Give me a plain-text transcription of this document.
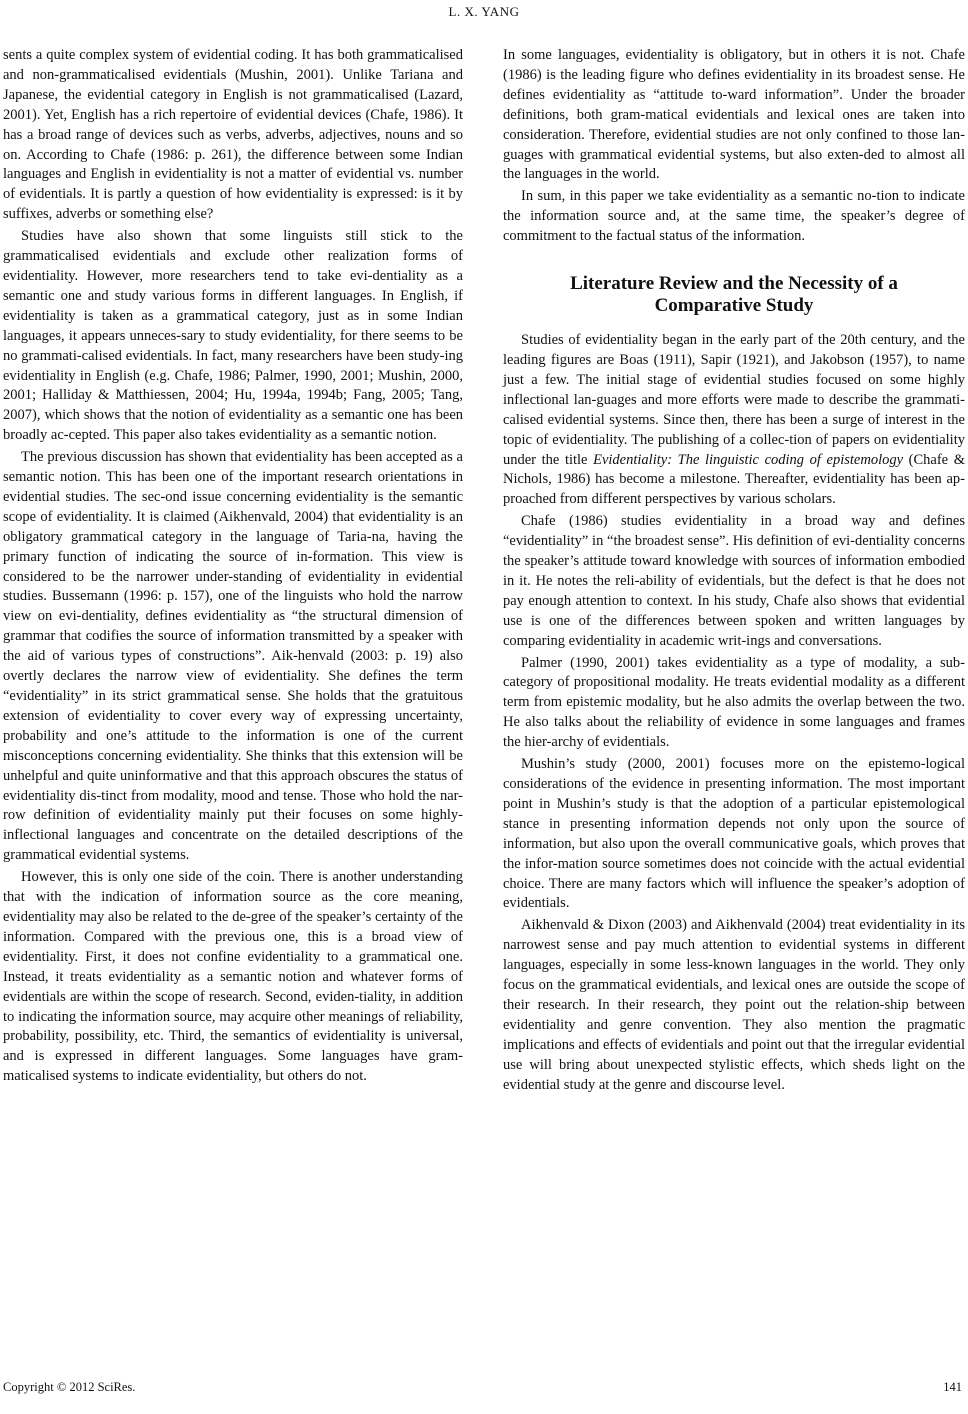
L. X. YANG

sents a quite complex system of evidential coding. It has both grammaticalised and non-grammaticalised evidentials (Mushin, 2001). Unlike Tariana and Japanese, the evidential category in English is not grammaticalised (Lazard, 2001). Yet, English has a rich repertoire of evidential devices (Chafe, 1986). It has a broad range of devices such as verbs, adverbs, adjectives, nouns and so on. According to Chafe (1986: p. 261), the difference between some Indian languages and English in evidentiality is not a matter of evidential vs. number of evidentials. It is partly a question of how evidentiality is expressed: is it by suffixes, adverbs or something else?

Studies have also shown that some linguists still stick to the grammaticalised evidentials and exclude other realization forms of evidentiality. However, more researchers tend to take evi-dentiality as a semantic one and study various forms in different languages. In English, if evidentiality is taken as a grammatical category, just as in some Indian languages, it appears unneces-sary to study evidentiality, for there seems to be no grammati-calised evidentials. In fact, many researchers have been study-ing evidentiality in English (e.g. Chafe, 1986; Palmer, 1990, 2001; Mushin, 2000, 2001; Halliday & Matthiessen, 2004; Hu, 1994a, 1994b; Fang, 2005; Tang, 2007), which shows that the notion of evidentiality as a semantic one has been broadly ac-cepted. This paper also takes evidentiality as a semantic notion.

The previous discussion has shown that evidentiality has been accepted as a semantic notion. This has been one of the important research orientations in evidential studies. The sec-ond issue concerning evidentiality is the semantic scope of evidentiality. It is claimed (Aikhenvald, 2004) that evidentiality is an obligatory grammatical category in the language of Taria-na, having the primary function of indicating the source of in-formation. This view is considered to be the narrower under-standing of evidentiality in evidential studies. Bussemann (1996: p. 157), one of the linguists who hold the narrow view on evi-dentiality, defines evidentiality as “the structural dimension of grammar that codifies the source of information transmitted by a speaker with the aid of various types of constructions”. Aik-henvald (2003: p. 19) also overtly declares the narrow view of evidentiality. She defines the term “evidentiality” in its strict grammatical sense. She holds that the gratuitous extension of evidentiality to cover every way of expressing uncertainty, probability and one’s attitude to the information is one of the current misconceptions concerning evidentiality. She thinks that this extension will be unhelpful and quite uninformative and that this approach obscures the status of evidentiality dis-tinct from modality, mood and tense. Those who hold the nar-row definition of evidentiality mainly put their focuses on some highly-inflectional languages and concentrate on the detailed descriptions of the grammatical evidential systems.

However, this is only one side of the coin. There is another understanding that with the indication of information source as the core meaning, evidentiality may also be related to the de-gree of the speaker’s certainty of the information. Compared with the previous one, this is a broad view of evidentiality. First, it does not confine evidentiality to a grammatical one. Instead, it treats evidentiality as a semantic notion and whatever forms of evidentials are within the scope of research. Second, eviden-tiality, in addition to indicating the information source, may acquire other meanings of reliability, probability, possibility, etc. Third, the semantics of evidentiality is universal, and is expressed in different languages. Some languages have gram-maticalised systems to indicate evidentiality, but others do not.

In some languages, evidentiality is obligatory, but in others it is not. Chafe (1986) is the leading figure who defines evidentiality in its broadest sense. He defines evidentiality as “attitude to-ward information”. Under the broader definitions, both gram-matical evidentials and lexical ones are taken into consideration. Therefore, evidential studies are not only confined to those lan-guages with grammatical evidential systems, but also exten-ded to almost all the languages in the world.

In sum, in this paper we take evidentiality as a semantic no-tion to indicate the information source and, at the same time, the speaker’s degree of commitment to the factual status of the information.

Literature Review and the Necessity of a
Comparative Study

Studies of evidentiality began in the early part of the 20th century, and the leading figures are Boas (1911), Sapir (1921), and Jakobson (1957), to name just a few. The initial stage of evidential studies focused on some highly inflectional lan-guages and more efforts were made to describe the grammati-calised evidential systems. Since then, there has been a surge of interest in the topic of evidentiality. The publishing of a collec-tion of papers on evidentiality under the title Evidentiality: The linguistic coding of epistemology (Chafe & Nichols, 1986) has become a milestone. Thereafter, evidentiality has been ap-proached from different perspectives by various scholars.

Chafe (1986) studies evidentiality in a broad way and defines “evidentiality” in “the broadest sense”. His definition of evi-dentiality concerns the speaker’s attitude toward knowledge with sources of information embodied in it. He notes the reli-ability of evidentials, but the defect is that he does not pay enough attention to context. In his study, Chafe also shows that evidential use is one of the differences between spoken and written languages by comparing evidentiality in academic writ-ings and conversations.

Palmer (1990, 2001) takes evidentiality as a type of modality, a sub-category of propositional modality. He treats evidential modality as a different term from epistemic modality, but he also admits the overlap between the two. He also talks about the reliability of evidence in some languages and frames the hier-archy of evidentials.

Mushin’s study (2000, 2001) focuses more on the epistemo-logical considerations of the evidence in presenting information. The most important point in Mushin’s study is that the adoption of a particular epistemological stance in presenting information depends not only upon the source of information, but also upon the overall communicative goals, which proves that the infor-mation source sometimes does not coincide with the actual evidential choice. There are many factors which will influence the speaker’s adoption of evidentials.

Aikhenvald & Dixon (2003) and Aikhenvald (2004) treat evidentiality in its narrowest sense and pay much attention to evidential systems in different languages, especially in some less-known languages in the world. They only focus on the grammatical evidentials, and lexical ones are outside the scope of their research. In their research, they point out the relation-ship between evidentiality and genre convention. They also mention the pragmatic implications and effects of evidentials and point out that the irregular evidential use will bring about unexpected stylistic effects, which sheds light on the evidential study at the genre and discourse level.

Copyright © 2012 SciRes.	141
